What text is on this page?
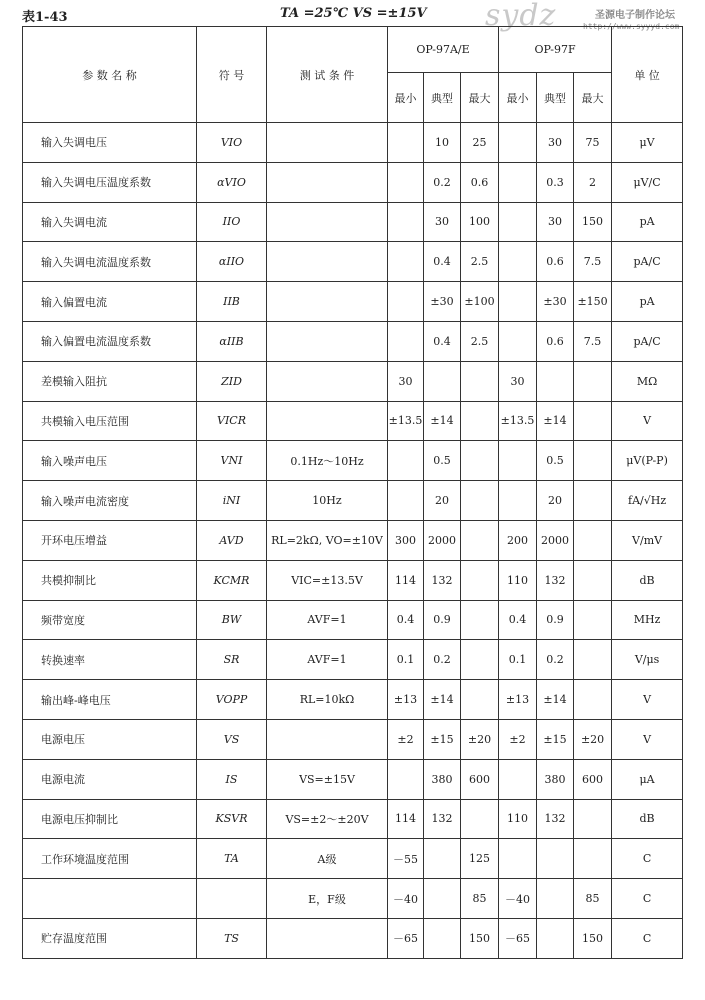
表1-43	TA =25℃ VS =±15V sydz	圣源电子制作论坛
http://www.syyyd.com
参 数 名 称	符 号	测 试 条 件	OP-97A/E			OP-97F			单 位
			最小	典型	最大	最小	典型	最大	
输入失调电压	VIO			10	25		30	75	μV
输入失调电压温度系数	αVIO			0.2	0.6		0.3	2	μV/C
输入失调电流	IIO			30	100		30	150	pA
输入失调电流温度系数	αIIO			0.4	2.5		0.6	7.5	pA/C
输入偏置电流	IIB			±30	±100		±30	±150	pA
输入偏置电流温度系数	αIIB			0.4	2.5		0.6	7.5	pA/C
差模输入阻抗	ZID		30			30			MΩ
共模输入电压范围	VICR		±13.5	±14		±13.5	±14		V
输入噪声电压	VNI	0.1Hz～10Hz		0.5			0.5		μV(P-P)
输入噪声电流密度	iNI	10Hz		20			20		fA/√Hz
开环电压增益	AVD	RL=2kΩ, VO=±10V	300	2000		200	2000		V/mV
共模抑制比	KCMR	VIC=±13.5V	114	132		110	132		dB
频带宽度	BW	AVF=1	0.4	0.9		0.4	0.9		MHz
转换速率	SR	AVF=1	0.1	0.2		0.1	0.2		V/μs
输出峰-峰电压	VOPP	RL=10kΩ	±13	±14		±13	±14		V
电源电压	VS		±2	±15	±20	±2	±15	±20	V
电源电流	IS	VS=±15V		380	600		380	600	μA
电源电压抑制比	KSVR	VS=±2～±20V	114	132		110	132		dB
工作环境温度范围	TA	A级	－55		125				C
		E，F级	－40		85	－40		85	C
贮存温度范围	TS		－65		150	－65		150	C
